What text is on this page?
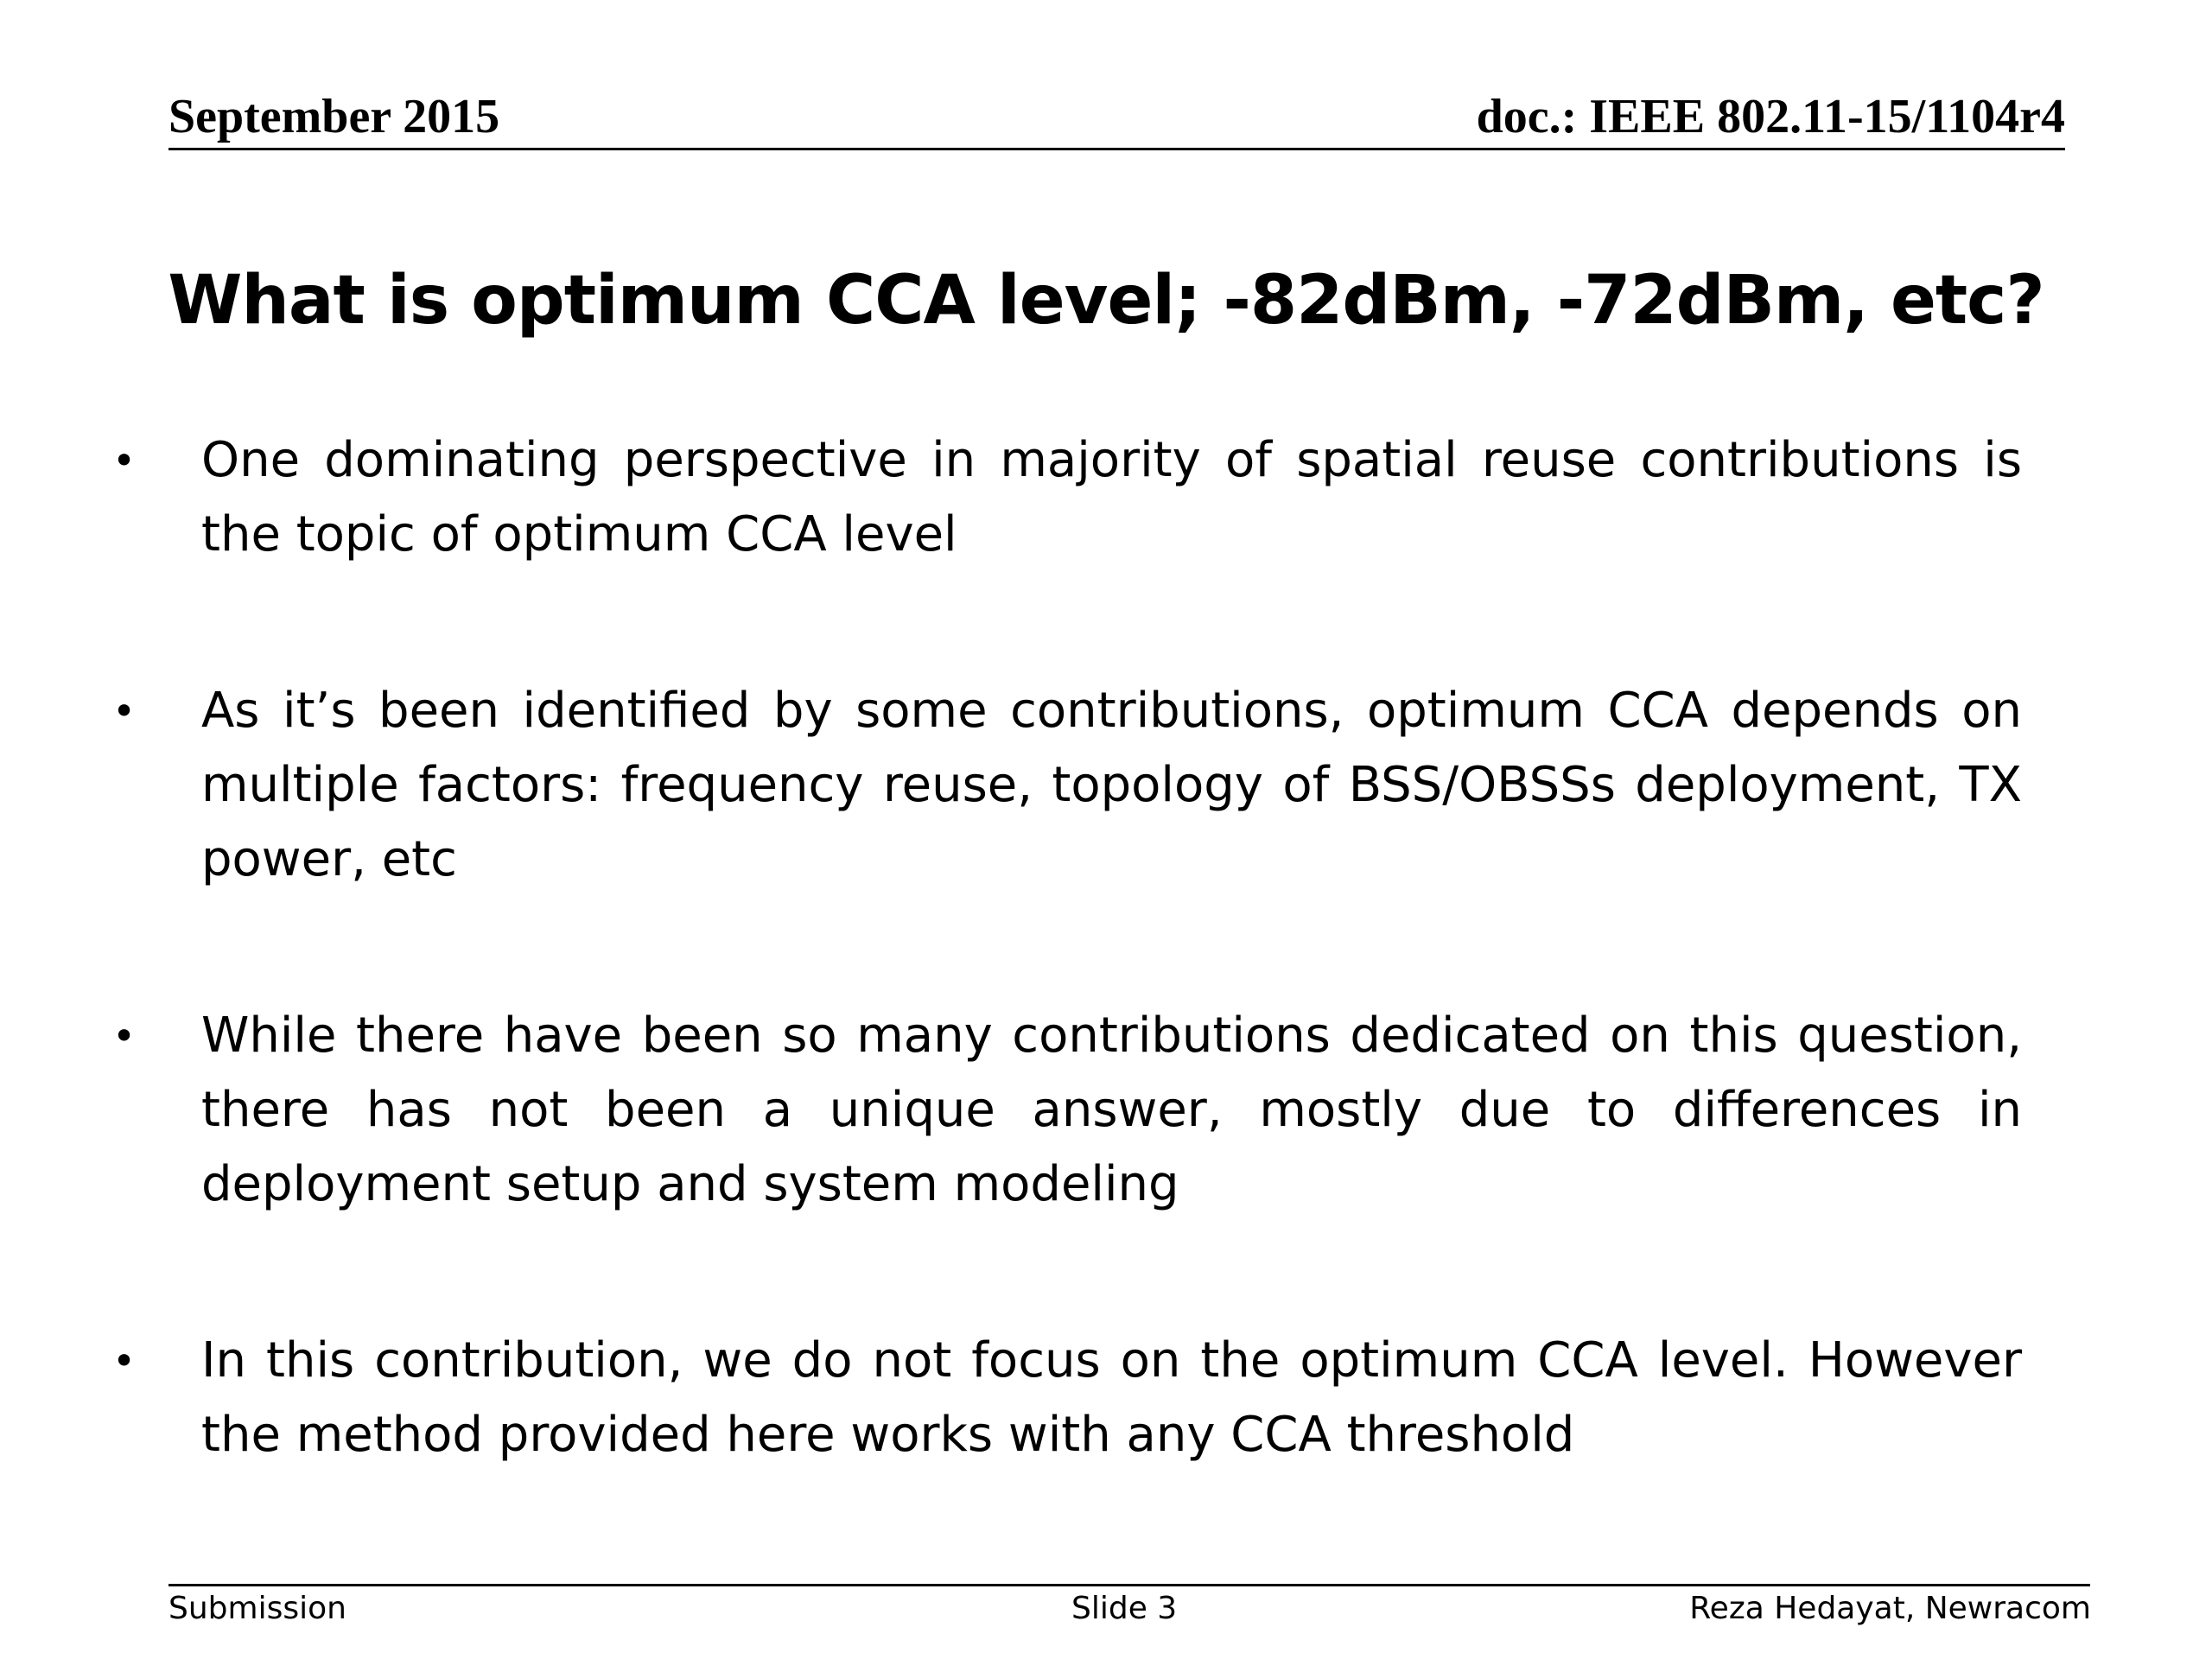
September 2015	doc.: IEEE 802.11-15/1104r4
What is optimum CCA level; -82dBm, -72dBm, etc?
• One dominating perspective in majority of spatial reuse contributions is the topic of optimum CCA level
• As it’s been identified by some contributions, optimum CCA depends on multiple factors: frequency reuse, topology of BSS/OBSSs deployment, TX power, etc
• While there have been so many contributions dedicated on this question, there has not been a unique answer, mostly due to differences in deployment setup and system modeling
• In this contribution, we do not focus on the optimum CCA level. However the method provided here works with any CCA threshold
Submission	Slide 3	Reza Hedayat, Newracom
